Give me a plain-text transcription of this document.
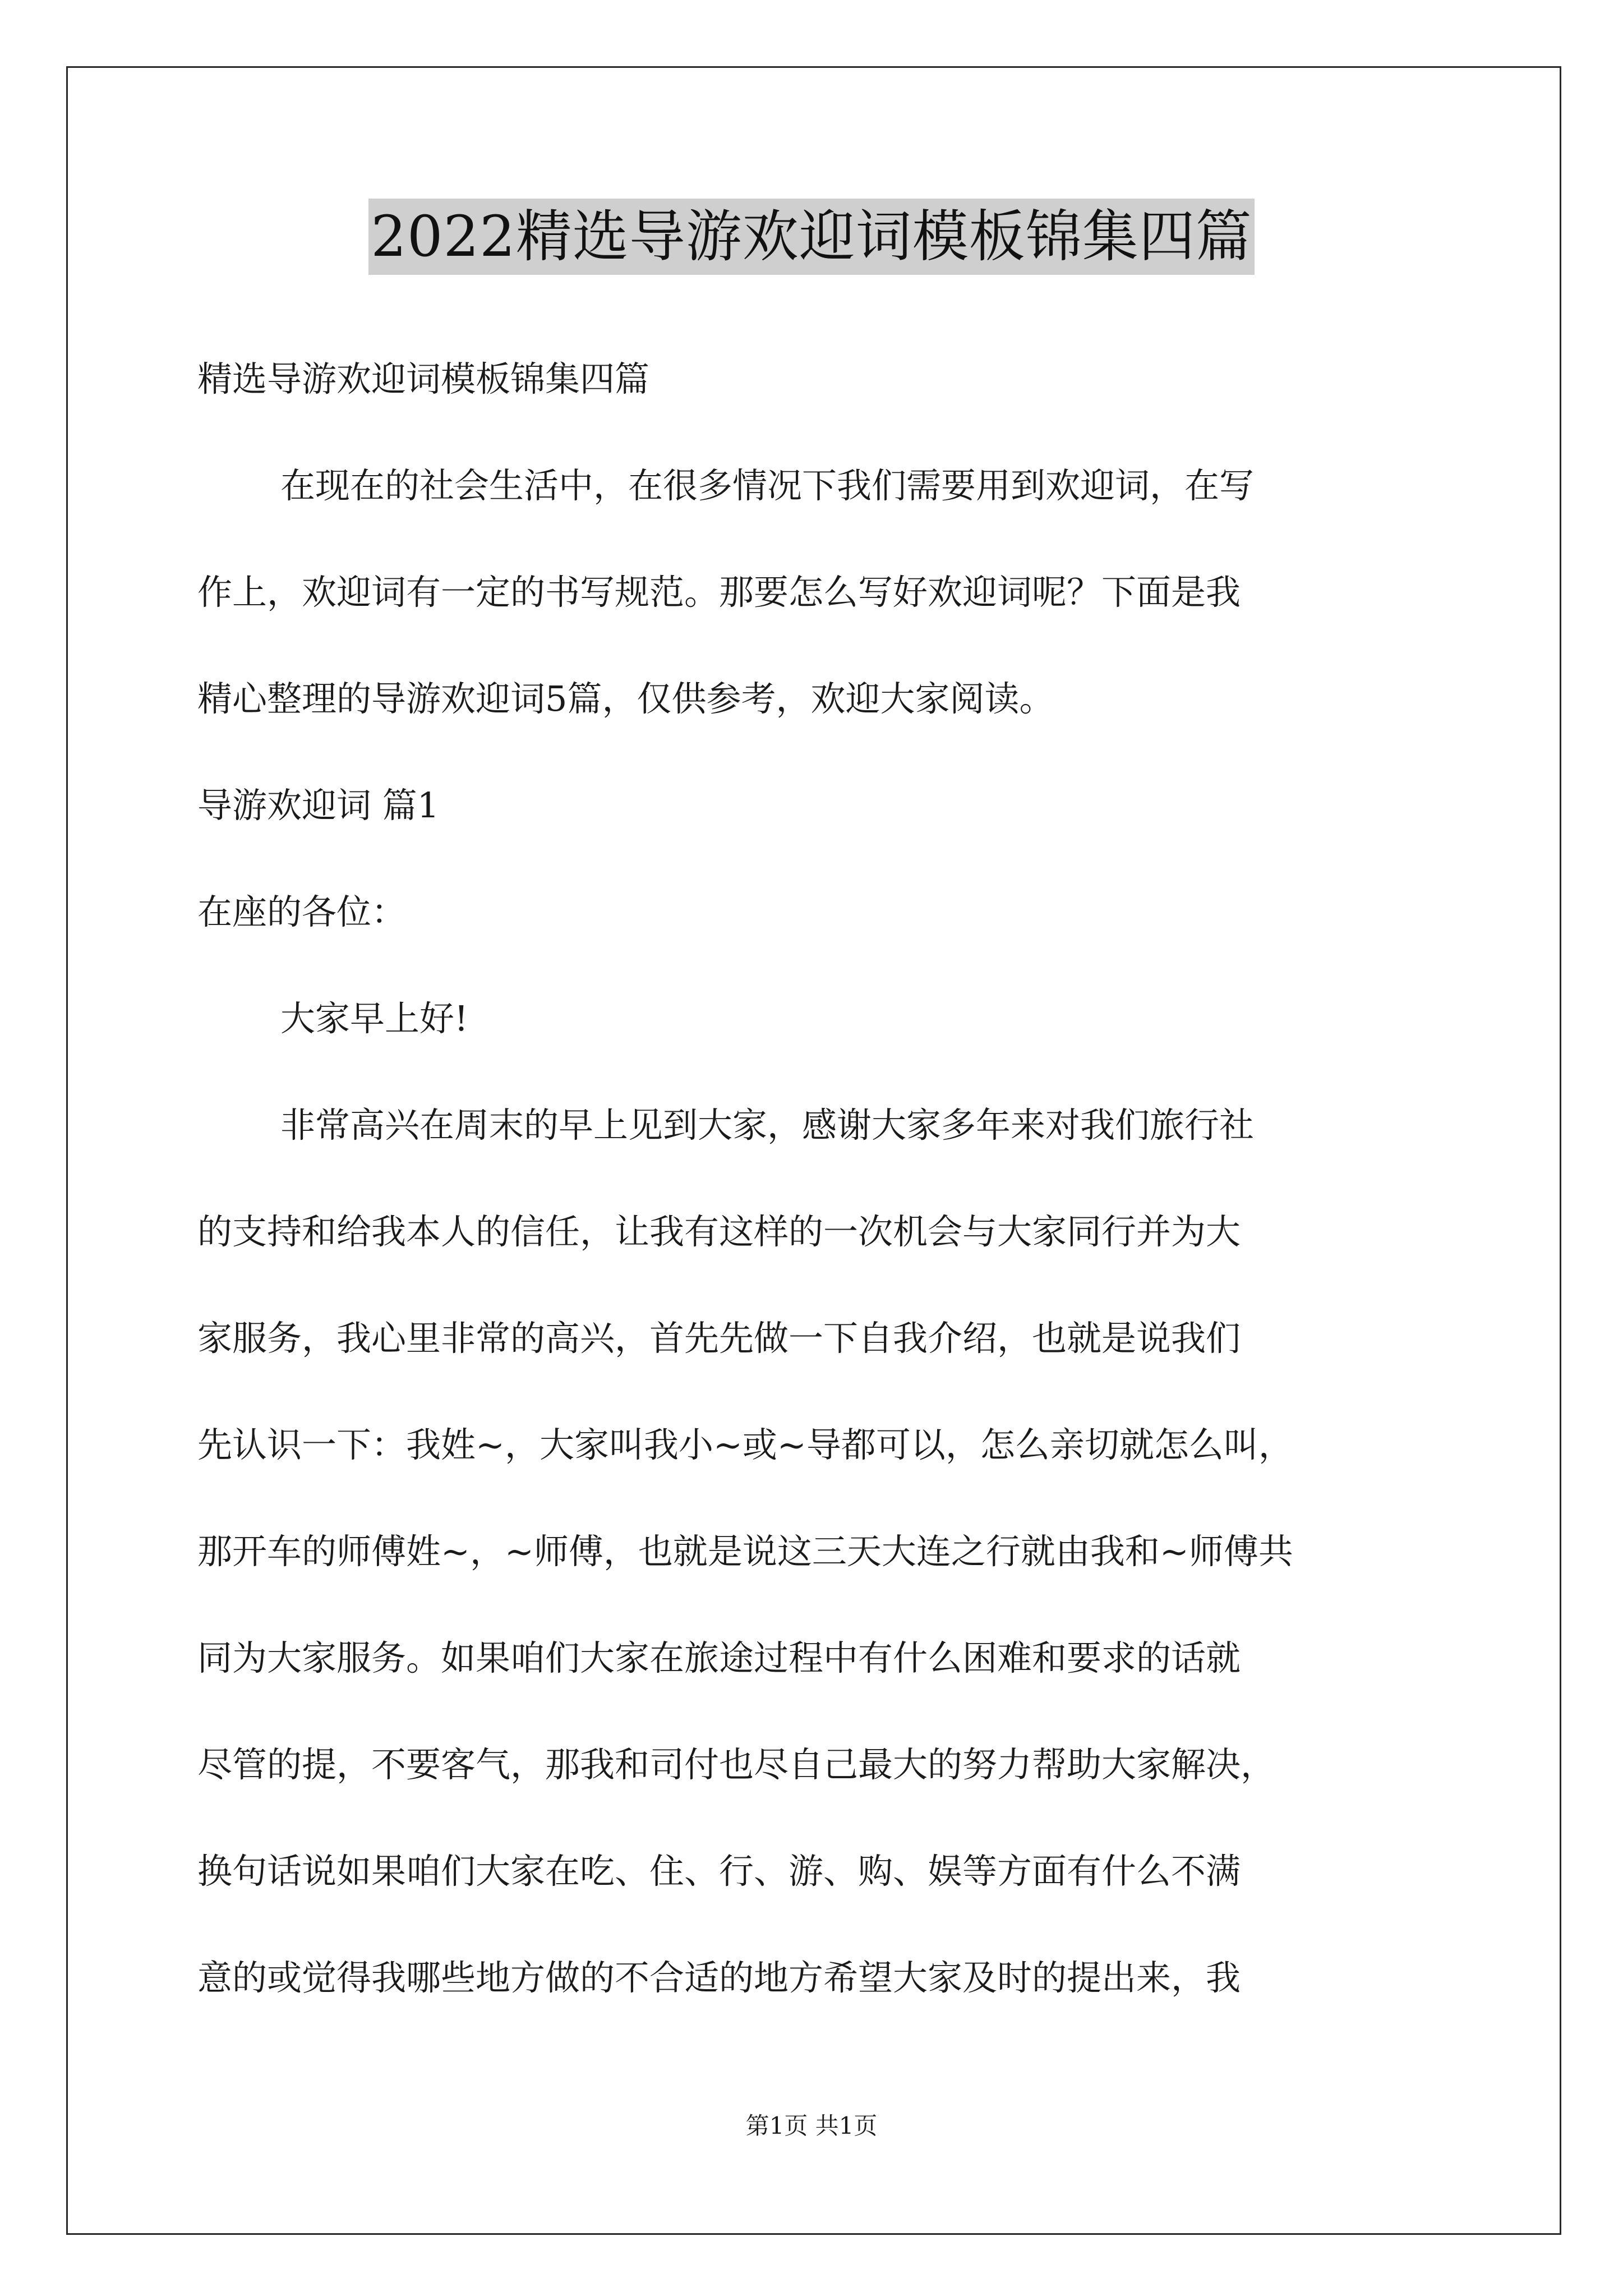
2022精选导游欢迎词模板锦集四篇
精选导游欢迎词模板锦集四篇
在现在的社会生活中，在很多情况下我们需要用到欢迎词，在写
作上，欢迎词有一定的书写规范。那要怎么写好欢迎词呢？下面是我
精心整理的导游欢迎词5篇，仅供参考，欢迎大家阅读。
导游欢迎词 篇1
在座的各位：
大家早上好!
非常高兴在周末的早上见到大家，感谢大家多年来对我们旅行社
的支持和给我本人的信任，让我有这样的一次机会与大家同行并为大
家服务，我心里非常的高兴，首先先做一下自我介绍，也就是说我们
先认识一下：我姓~，大家叫我小~或~导都可以，怎么亲切就怎么叫，
那开车的师傅姓~，~师傅，也就是说这三天大连之行就由我和~师傅共
同为大家服务。如果咱们大家在旅途过程中有什么困难和要求的话就
尽管的提，不要客气，那我和司付也尽自己最大的努力帮助大家解决，
换句话说如果咱们大家在吃、住、行、游、购、娱等方面有什么不满
意的或觉得我哪些地方做的不合适的地方希望大家及时的提出来，我
第1页 共1页
